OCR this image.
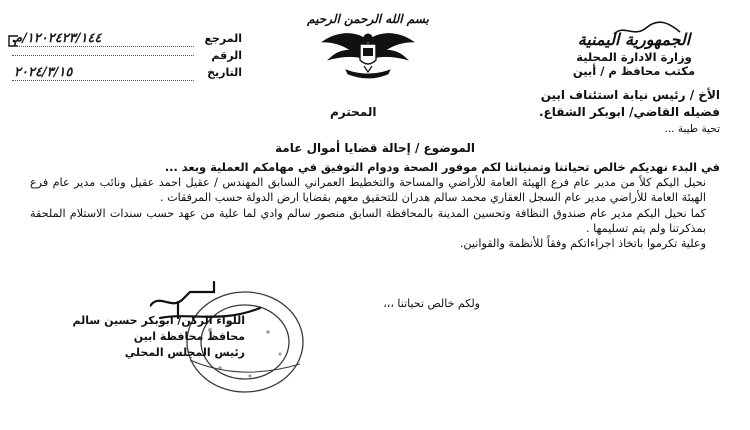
الجمهورية اليمنية
وزارة الادارة المحلية
مكتب محافظ م / أبين
بسم الله الرحمن الرحيم
المرجع
١٢٠٢٤٢٣/١٤٤/م
الرقم
التاريخ
٢٠٢٤/٣/١٥
الأخ / رئيس نيابة استئناف ابين
فضيله القاضي/ ابوبكر الشقاع.
المحترم
تحية طيبة ...
الموضوع / إحالة قضايا أموال عامة

في البدء نهديكم خالص تحياتنا وتمنياتنا لكم موفور الصحة ودوام التوفيق في مهامكم العملية وبعد ...

نحيل اليكم كلاً من مدير عام فرع الهيئة العامة للأراضي والمساحة والتخطيط العمراني السابق المهندس / عقيل احمد عقيل ونائب مدير عام فرع الهيئة العامة للأراضي مدير عام السجل العقاري محمد سالم هدران للتحقيق معهم بقضايا ارض الدولة حسب المرفقات .

كما نحيل اليكم مدير عام صندوق النظافة وتحسين المدينة بالمحافظة السابق منصور سالم وادي لما علية من عهد حسب سندات الاستلام الملحقة بمذكرتنا ولم يتم تسليمها .

وعلية تكرموا باتخاذ اجراءاتكم وفقاً للأنظمة والقوانين.

ولكم خالص تحياتنا ،،،
اللواء الركن/ ابوبكر حسين سالم
محافظ محافظة ابين
رئيس المجلس المحلي
